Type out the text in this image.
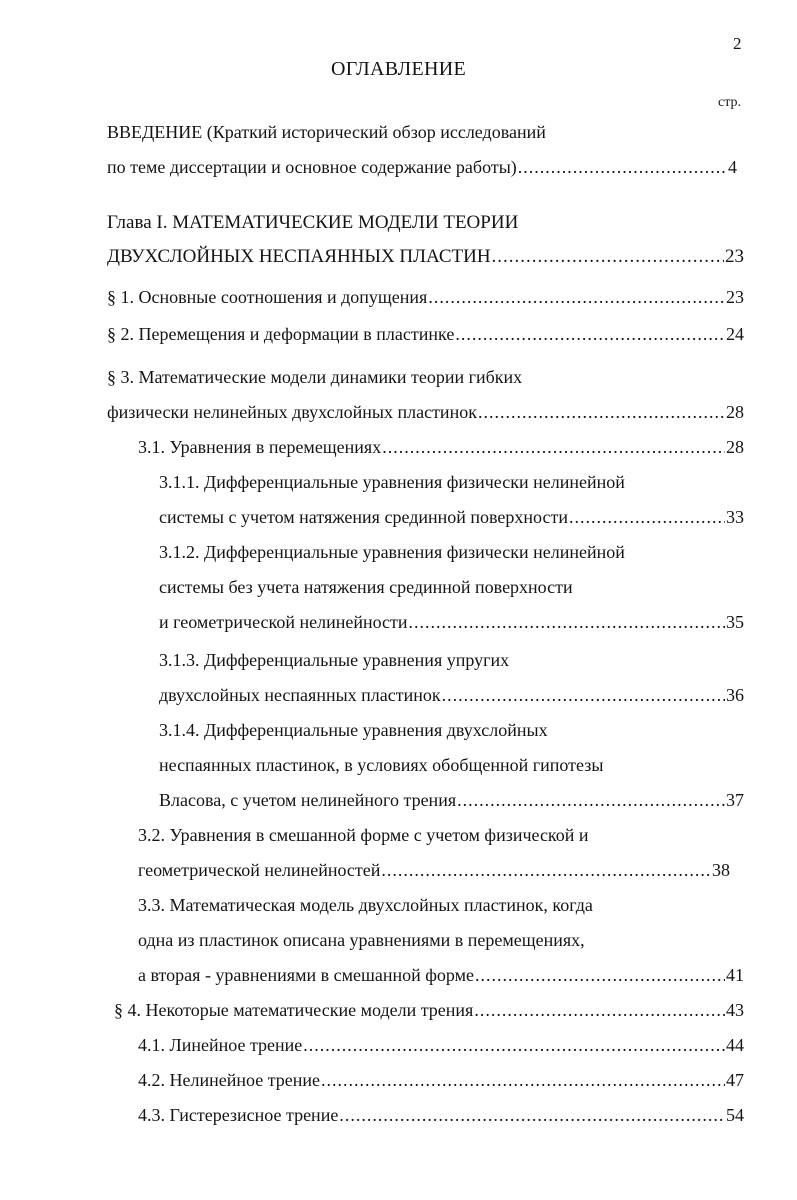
2
ОГЛАВЛЕНИЕ
стр.
ВВЕДЕНИЕ (Краткий исторический обзор исследований
по теме диссертации и основное содержание работы) .....	4
Глава I. МАТЕМАТИЧЕСКИЕ МОДЕЛИ ТЕОРИИ
ДВУХСЛОЙНЫХ НЕСПАЯННЫХ ПЛАСТИН .....	23
§ 1. Основные соотношения и допущения .....	23
§ 2. Перемещения и деформации в пластинке .....	24
§ 3. Математические модели динамики теории гибких
физически нелинейных двухслойных пластинок .....	28
3.1. Уравнения в перемещениях .....	28
3.1.1. Дифференциальные уравнения физически нелинейной
системы с учетом натяжения срединной поверхности .....	33
3.1.2. Дифференциальные уравнения физически нелинейной
системы без учета натяжения срединной поверхности
и геометрической нелинейности .....	35
3.1.3. Дифференциальные уравнения упругих
двухслойных неспаянных пластинок .....	36
3.1.4. Дифференциальные уравнения двухслойных
неспаянных пластинок, в условиях обобщенной гипотезы
Власова, с учетом нелинейного трения .....	37
3.2. Уравнения в смешанной форме с учетом физической и
геометрической нелинейностей .....	38
3.3. Математическая модель двухслойных пластинок, когда
одна из пластинок описана уравнениями в перемещениях,
а вторая - уравнениями в смешанной форме .....	41
§ 4. Некоторые математические модели трения .....	43
4.1. Линейное трение .....	44
4.2. Нелинейное трение .....	47
4.3. Гистерезисное трение .....	54
